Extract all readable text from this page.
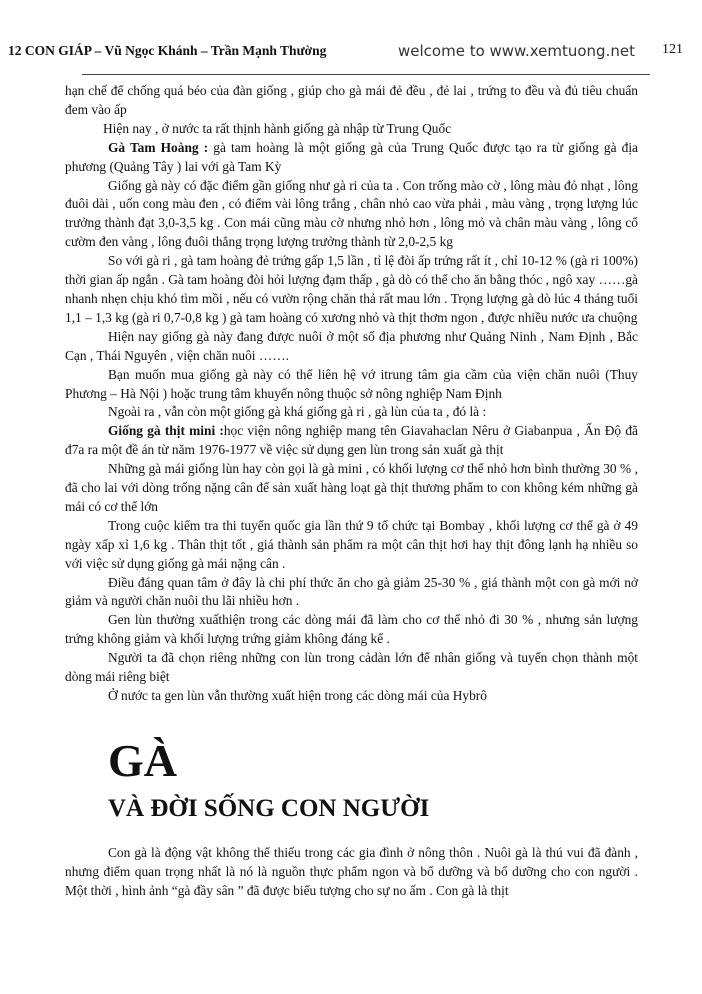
12 CON GIÁP – Vũ Ngọc Khánh – Trần Mạnh Thường	welcome to www.xemtuong.net 121

hạn chế để chống quá béo của đàn giống , giúp cho gà mái đẻ đều , đẻ lai , trứng to đều và đủ tiêu chuẩn đem vào ấp

Hiện nay , ở nước ta rất thịnh hành giống gà nhập từ Trung Quốc

Gà Tam Hoàng : gà tam hoàng là một giống gà của Trung Quốc được tạo ra từ giống gà địa phương (Quảng Tây ) lai với gà Tam Kỳ

Giống gà này có đặc điểm gần giống như gà ri của ta . Con trống mào cờ , lông màu đỏ nhạt , lông đuôi dài , uốn cong màu đen , có điểm vài lông trắng , chân nhỏ cao vừa phải , màu vàng , trọng lượng lúc trưởng thành đạt 3,0-3,5 kg . Con mái cũng màu cờ nhưng nhỏ hơn , lông mỏ và chân màu vàng , lông cổ cườm đen vàng , lông đuôi thẳng trọng lượng trưởng thành từ 2,0-2,5 kg

So với gà ri , gà tam hoàng đẻ trứng gấp 1,5 lần , tỉ lệ đòi ấp trứng rất ít , chỉ 10-12 % (gà ri 100%) thời gian ấp ngắn . Gà tam hoàng đòi hỏi lượng đạm thấp , gà dò có thể cho ăn bằng thóc , ngô xay ……gà nhanh nhẹn chịu khó tìm mồi , nếu có vườn rộng chăn thả rất mau lớn . Trọng lượng gà dò lúc 4 tháng tuổi 1,1 – 1,3 kg (gà ri 0,7-0,8 kg ) gà tam hoàng có xương nhỏ và thịt thơm ngon , được nhiều nước ưa chuộng

Hiện nay giống gà này đang được nuôi ở một số địa phương như Quảng Ninh , Nam Định , Bắc Cạn , Thái Nguyên , viện chăn nuôi …….

Bạn muốn mua giống gà này có thể liên hệ vớ itrung tâm gia cầm của viện chăn nuôi (Thuy Phương – Hà Nội ) hoặc trung tâm khuyến nông thuộc sở nông nghiệp Nam Định

Ngoài ra , vẫn còn một giống gà khá giống gà ri , gà lùn của ta , đó là :

Giống gà thịt mini :học viện nông nghiệp mang tên Giavahaclan Nêru ở Giabanpua , Ấn Độ đã đ7a ra một đề án từ năm 1976-1977 về việc sử dụng gen lùn trong sản xuất gà thịt

Những gà mái giống lùn hay còn gọi là gà mini , có khối lượng cơ thể nhỏ hơn bình thường 30 % , đã cho lai với dòng trống nặng cân để sản xuất hàng loạt gà thịt thương phẩm to con không kém những gà mái có cơ thể lớn

Trong cuộc kiểm tra thi tuyển quốc gia lần thứ 9 tổ chức tại Bombay , khối lượng cơ thể gà ở 49 ngày xấp xỉ 1,6 kg . Thân thịt tốt , giá thành sản phẩm ra một cân thịt hơi hay thịt đông lạnh hạ nhiều so với việc sử dụng giống gà mái nặng cân .

Điều đáng quan tâm ở đây là chi phí thức ăn cho gà giảm 25-30 % , giá thành một con gà mới nở giảm và người chăn nuôi thu lãi nhiều hơn .

Gen lùn thường xuấthiện trong các dòng mái đã làm cho cơ thể nhỏ đi 30 % , nhưng sản lượng trứng không giảm và khối lượng trứng giảm không đáng kể .

Người ta đã chọn riêng những con lùn trong cảdàn lớn để nhân giống và tuyển chọn thành một dòng mái riêng biệt

Ở nước ta gen lùn vẫn thường xuất hiện trong các dòng mái của Hybrô

GÀ
VÀ ĐỜI SỐNG CON NGƯỜI

Con gà là động vật không thể thiếu trong các gia đình ở nông thôn . Nuôi gà là thú vui đã đành , nhưng điểm quan trọng nhất là nó là nguồn thực phẩm ngon và bổ dưỡng và bổ dưỡng cho con người . Một thời , hình ảnh “gà đầy sân ” đã được biểu tượng cho sự no ấm . Con gà là thịt
